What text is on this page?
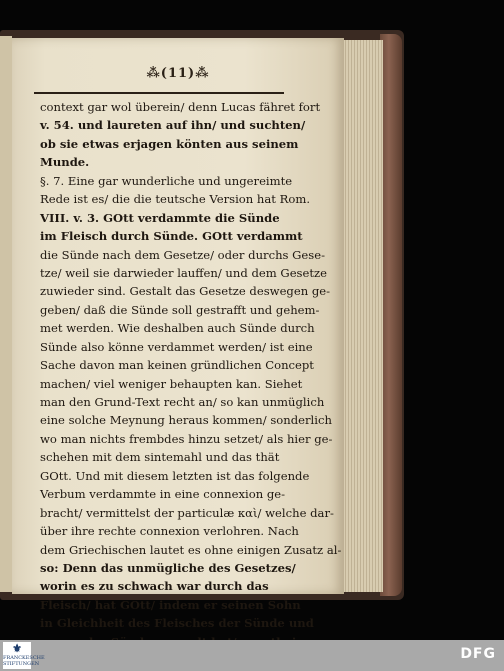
⁂(11)⁂
context gar wol überein/ denn Lucas fähret fort
v. 54. und laureten auf ihn/ und suchten/
ob sie etwas erjagen könten aus seinem
Munde.
§. 7. Eine gar wunderliche und ungereimte
Rede ist es/ die die teutsche Version hat Rom.
VIII. v. 3. GOtt verdammte die Sünde
im Fleisch durch Sünde. GOtt verdammt
die Sünde nach dem Gesetze/ oder durchs Gese-
tze/ weil sie darwieder lauffen/ und dem Gesetze
zuwieder sind. Gestalt das Gesetze deswegen ge-
geben/ daß die Sünde soll gestrafft und gehem-
met werden. Wie deshalben auch Sünde durch
Sünde also könne verdammet werden/ ist eine
Sache davon man keinen gründlichen Concept
machen/ viel weniger behaupten kan. Siehet
man den Grund-Text recht an/ so kan unmüglich
eine solche Meynung heraus kommen/ sonderlich
wo man nichts frembdes hinzu setzet/ als hier ge-
schehen mit dem sintemahl und das thät
GOtt. Und mit diesem letzten ist das folgende
Verbum verdammte in eine connexion ge-
bracht/ vermittelst der particulæ καὶ/ welche dar-
über ihre rechte connexion verlohren. Nach
dem Griechischen lautet es ohne einigen Zusatz al-
so: Denn das unmügliche des Gesetzes/
worin es zu schwach war durch das
Fleisch/ hat GOtt/ indem er seinen Sohn
in Gleichheit des Fleisches der Sünde und
⚜
FRANCKESCHE STIFTUNGEN
DFG
